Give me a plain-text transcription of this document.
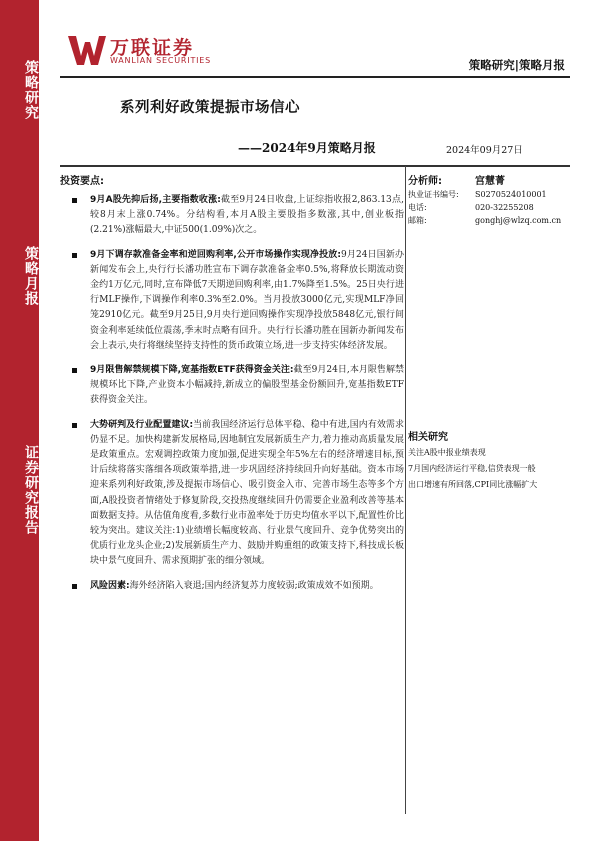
策略研究
策略月报
证券研究报告
万联证券
WANLIAN SECURITIES	策略研究|策略月报
系列利好政策提振市场信心
——2024年9月策略月报	2024年09月27日
投资要点:
9月A股先抑后扬,主要指数收涨:截至9月24日收盘,上证综指收报2,863.13点,较8月末上涨0.74%。分结构看,本月A股主要股指多数涨,其中,创业板指(2.21%)涨幅最大,中证500(1.09%)次之。
9月下调存款准备金率和逆回购利率,公开市场操作实现净投放:9月24日国新办新闻发布会上,央行行长潘功胜宣布下调存款准备金率0.5%,将释放长期流动资金约1万亿元,同时,宣布降低7天期逆回购利率,由1.7%降至1.5%。25日央行进行MLF操作,下调操作利率0.3%至2.0%。当月投放3000亿元,实现MLF净回笼2910亿元。截至9月25日,9月央行逆回购操作实现净投放5848亿元,银行间资金利率延续低位震荡,季末时点略有回升。央行行长潘功胜在国新办新闻发布会上表示,央行将继续坚持支持性的货币政策立场,进一步支持实体经济发展。
9月限售解禁规模下降,宽基指数ETF获得资金关注:截至9月24日,本月限售解禁规模环比下降,产业资本小幅减持,新成立的偏股型基金份额回升,宽基指数ETF获得资金关注。
大势研判及行业配置建议:当前我国经济运行总体平稳、稳中有进,国内有效需求仍显不足。加快构建新发展格局,因地制宜发展新质生产力,着力推动高质量发展是政策重点。宏观调控政策力度加强,促进实现全年5%左右的经济增速目标,预计后续将落实落细各项政策举措,进一步巩固经济持续回升向好基础。资本市场迎来系列利好政策,涉及提振市场信心、吸引资金入市、完善市场生态等多个方面,A股投资者情绪处于修复阶段,交投热度继续回升仍需要企业盈利改善等基本面数据支持。从估值角度看,多数行业市盈率处于历史均值水平以下,配置性价比较为突出。建议关注:1)业绩增长幅度较高、行业景气度回升、竞争优势突出的优质行业龙头企业;2)发展新质生产力、鼓励并购重组的政策支持下,科技成长板块中景气度回升、需求预期扩张的细分领域。
风险因素:海外经济陷入衰退;国内经济复苏力度较弱;政策成效不如预期。
分析师:	宫慧菁
执业证书编号: S0270524010001
电话:	020-32255208
邮箱:	gonghj@wlzq.com.cn
相关研究
关注A股中报业绩表现
7月国内经济运行平稳,信贷表现一般
出口增速有所回落,CPI同比涨幅扩大
